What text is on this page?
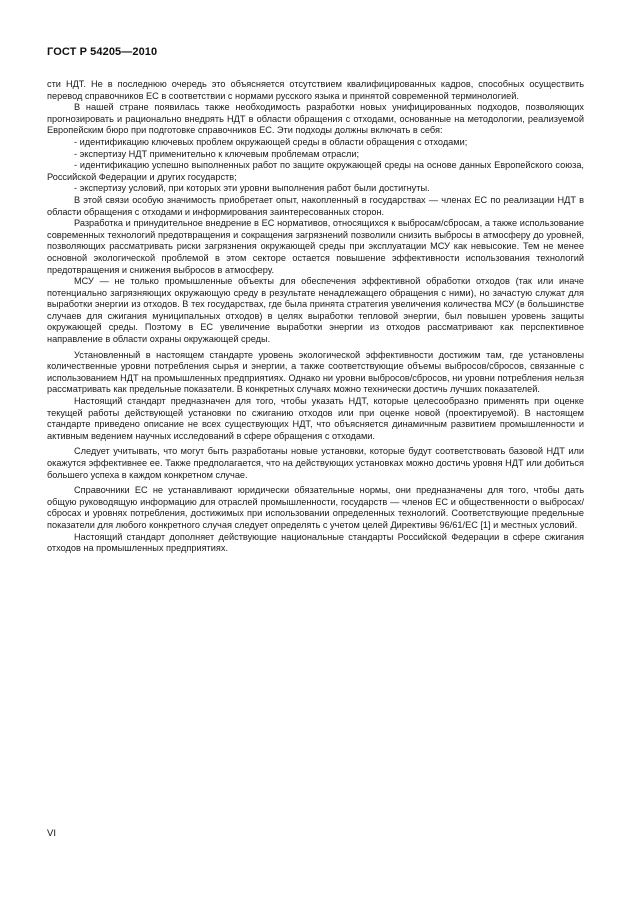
ГОСТ Р 54205—2010

сти НДТ. Не в последнюю очередь это объясняется отсутствием квалифицированных кадров, способных осуществить перевод справочников ЕС в соответствии с нормами русского языка и принятой современной терминологией.

В нашей стране появилась также необходимость разработки новых унифицированных подходов, позволяющих прогнозировать и рационально внедрять НДТ в области обращения с отходами, основанные на методологии, реализуемой Европейским бюро при подготовке справочников ЕС. Эти подходы должны включать в себя:

- идентификацию ключевых проблем окружающей среды в области обращения с отходами;

- экспертизу НДТ применительно к ключевым проблемам отрасли;

- идентификацию успешно выполненных работ по защите окружающей среды на основе данных Европейского союза, Российской Федерации и других государств;

- экспертизу условий, при которых эти уровни выполнения работ были достигнуты.

В этой связи особую значимость приобретает опыт, накопленный в государствах — членах ЕС по реализации НДТ в области обращения с отходами и информирования заинтересованных сторон.

Разработка и принудительное внедрение в ЕС нормативов, относящихся к выбросам/сбросам, а также использование современных технологий предотвращения и сокращения загрязнений позволили снизить выбросы в атмосферу до уровней, позволяющих рассматривать риски загрязнения окружающей среды при эксплуатации МСУ как невысокие. Тем не менее основной экологической проблемой в этом секторе остается повышение эффективности использования технологий предотвращения и снижения выбросов в атмосферу.

МСУ — не только промышленные объекты для обеспечения эффективной обработки отходов (так или иначе потенциально загрязняющих окружающую среду в результате ненадлежащего обращения с ними), но зачастую служат для выработки энергии из отходов. В тех государствах, где была принята стратегия увеличения количества МСУ (в большинстве случаев для сжигания муниципальных отходов) в целях выработки тепловой энергии, был повышен уровень защиты окружающей среды. Поэтому в ЕС увеличение выработки энергии из отходов рассматривают как перспективное направление в области охраны окружающей среды.

Установленный в настоящем стандарте уровень экологической эффективности достижим там, где установлены количественные уровни потребления сырья и энергии, а также соответствующие объемы выбросов/сбросов, связанные с использованием НДТ на промышленных предприятиях. Однако ни уровни выбросов/сбросов, ни уровни потребления нельзя рассматривать как предельные показатели. В конкретных случаях можно технически достичь лучших показателей.

Настоящий стандарт предназначен для того, чтобы указать НДТ, которые целесообразно применять при оценке текущей работы действующей установки по сжиганию отходов или при оценке новой (проектируемой). В настоящем стандарте приведено описание не всех существующих НДТ, что объясняется динамичным развитием промышленности и активным ведением научных исследований в сфере обращения с отходами.

Следует учитывать, что могут быть разработаны новые установки, которые будут соответствовать базовой НДТ или окажутся эффективнее ее. Также предполагается, что на действующих установках можно достичь уровня НДТ или добиться большего успеха в каждом конкретном случае.

Справочники ЕС не устанавливают юридически обязательные нормы, они предназначены для того, чтобы дать общую руководящую информацию для отраслей промышленности, государств — членов ЕС и общественности о выбросах/сбросах и уровнях потребления, достижимых при использовании определенных технологий. Соответствующие предельные показатели для любого конкретного случая следует определять с учетом целей Директивы 96/61/ЕС [1] и местных условий.

Настоящий стандарт дополняет действующие национальные стандарты Российской Федерации в сфере сжигания отходов на промышленных предприятиях.

VI
